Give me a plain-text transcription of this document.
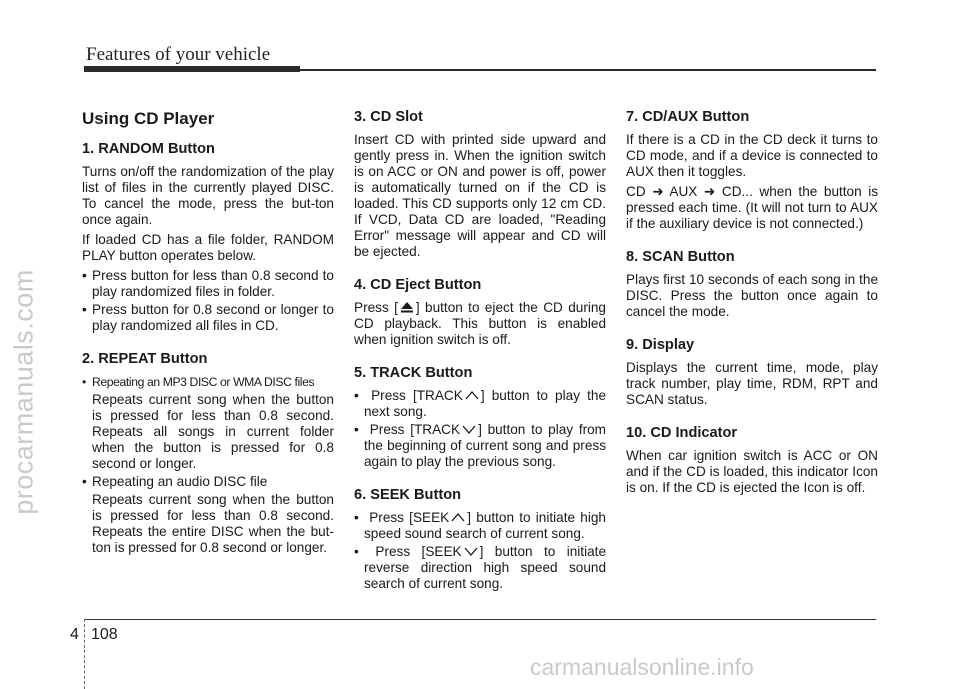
Features of your vehicle
procarmanuals.com
Using CD Player
1. RANDOM Button

Turns on/off the randomization of the play list of files in the currently played DISC. To cancel the mode, press the but-ton once again.

If loaded CD has a file folder, RANDOM PLAY button operates below.

• Press button for less than 0.8 second to play randomized files in folder.
• Press button for 0.8 second or longer to play randomized all files in CD.
2. REPEAT Button
• Repeating an MP3 DISC or WMA DISC files
Repeats current song when the button is pressed for less than 0.8 second. Repeats all songs in current folder when the button is pressed for 0.8 second or longer.
• Repeating an audio DISC file
Repeats current song when the button is pressed for less than 0.8 second. Repeats the entire DISC when the but-ton is pressed for 0.8 second or longer.
3. CD Slot

Insert CD with printed side upward and gently press in. When the ignition switch is on ACC or ON and power is off, power is automatically turned on if the CD is loaded. This CD supports only 12 cm CD. If VCD, Data CD are loaded, "Reading Error" message will appear and CD will be ejected.

4. CD Eject Button

Press [ ] button to eject the CD during CD playback. This button is enabled when ignition switch is off.

5. TRACK Button
• Press [TRACK ] button to play the next song.
• Press [TRACK ] button to play from the beginning of current song and press again to play the previous song.
6. SEEK Button
• Press [SEEK ] button to initiate high speed sound search of current song.
• Press [SEEK ] button to initiate reverse direction high speed sound search of current song.
7. CD/AUX Button

If there is a CD in the CD deck it turns to CD mode, and if a device is connected to AUX then it toggles.

CD ➜ AUX ➜ CD... when the button is pressed each time. (It will not turn to AUX if the auxiliary device is not connected.)

8. SCAN Button

Plays first 10 seconds of each song in the DISC. Press the button once again to cancel the mode.

9. Display

Displays the current time, mode, play track number, play time, RDM, RPT and SCAN status.

10. CD Indicator

When car ignition switch is ACC or ON and if the CD is loaded, this indicator Icon is on. If the CD is ejected the Icon is off.

4 108
carmanualsonline.info
